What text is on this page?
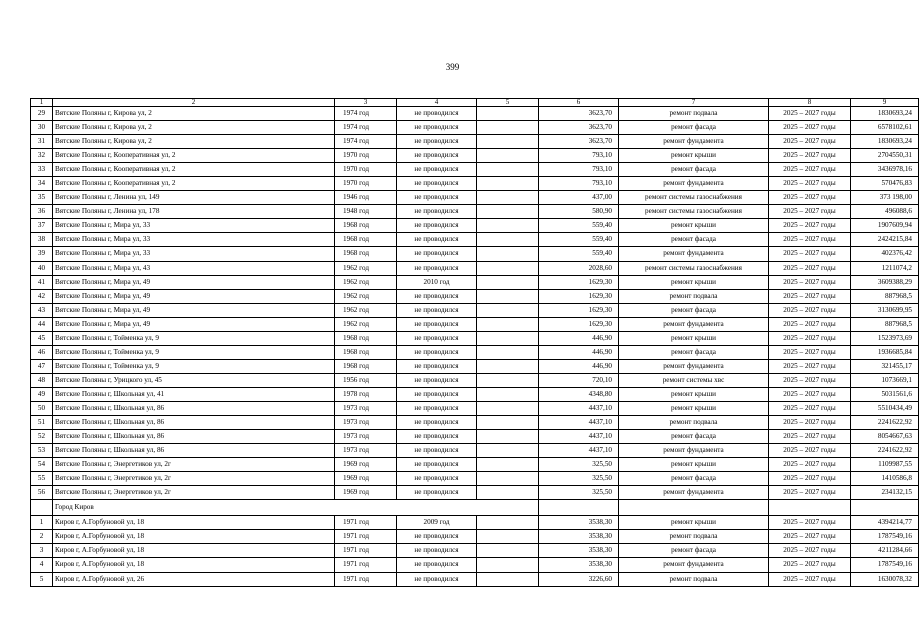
399
1	2	3	4	5	6	7	8	9
29	Вятские Поляны г, Кирова ул, 2	1974 год	не проводился		3623,70	ремонт подвала	2025 – 2027 годы	1830693,24
30	Вятские Поляны г, Кирова ул, 2	1974 год	не проводился		3623,70	ремонт фасада	2025 – 2027 годы	6578102,61
31	Вятские Поляны г, Кирова ул, 2	1974 год	не проводился		3623,70	ремонт фундамента	2025 – 2027 годы	1830693,24
32	Вятские Поляны г, Кооперативная ул, 2	1970 год	не проводился		793,10	ремонт крыши	2025 – 2027 годы	2704550,31
33	Вятские Поляны г, Кооперативная ул, 2	1970 год	не проводился		793,10	ремонт фасада	2025 – 2027 годы	3436978,16
34	Вятские Поляны г, Кооперативная ул, 2	1970 год	не проводился		793,10	ремонт фундамента	2025 – 2027 годы	570476,83
35	Вятские Поляны г, Ленина ул, 149	1946 год	не проводился		437,00	ремонт системы газоснабжения	2025 – 2027 годы	373 198,00
36	Вятские Поляны г, Ленина ул, 178	1948 год	не проводился		580,90	ремонт системы газоснабжения	2025 – 2027 годы	496088,6
37	Вятские Поляны г, Мира ул, 33	1968 год	не проводился		559,40	ремонт крыши	2025 – 2027 годы	1907609,94
38	Вятские Поляны г, Мира ул, 33	1968 год	не проводился		559,40	ремонт фасада	2025 – 2027 годы	2424215,84
39	Вятские Поляны г, Мира ул, 33	1968 год	не проводился		559,40	ремонт фундамента	2025 – 2027 годы	402376,42
40	Вятские Поляны г, Мира ул, 43	1962 год	не проводился		2028,60	ремонт системы газоснабжения	2025 – 2027 годы	1211074,2
41	Вятские Поляны г, Мира ул, 49	1962 год	2010 год		1629,30	ремонт крыши	2025 – 2027 годы	3609388,29
42	Вятские Поляны г, Мира ул, 49	1962 год	не проводился		1629,30	ремонт подвала	2025 – 2027 годы	887968,5
43	Вятские Поляны г, Мира ул, 49	1962 год	не проводился		1629,30	ремонт фасада	2025 – 2027 годы	3130699,95
44	Вятские Поляны г, Мира ул, 49	1962 год	не проводился		1629,30	ремонт фундамента	2025 – 2027 годы	887968,5
45	Вятские Поляны г, Тойменка ул, 9	1968 год	не проводился		446,90	ремонт крыши	2025 – 2027 годы	1523973,69
46	Вятские Поляны г, Тойменка ул, 9	1968 год	не проводился		446,90	ремонт фасада	2025 – 2027 годы	1936685,84
47	Вятские Поляны г, Тойменка ул, 9	1968 год	не проводился		446,90	ремонт фундамента	2025 – 2027 годы	321455,17
48	Вятские Поляны г, Урицкого ул, 45	1956 год	не проводился		720,10	ремонт системы хвс	2025 – 2027 годы	1073669,1
49	Вятские Поляны г, Школьная ул, 41	1978 год	не проводился		4348,80	ремонт крыши	2025 – 2027 годы	5031561,6
50	Вятские Поляны г, Школьная ул, 86	1973 год	не проводился		4437,10	ремонт крыши	2025 – 2027 годы	5510434,49
51	Вятские Поляны г, Школьная ул, 86	1973 год	не проводился		4437,10	ремонт подвала	2025 – 2027 годы	2241622,92
52	Вятские Поляны г, Школьная ул, 86	1973 год	не проводился		4437,10	ремонт фасада	2025 – 2027 годы	8054667,63
53	Вятские Поляны г, Школьная ул, 86	1973 год	не проводился		4437,10	ремонт фундамента	2025 – 2027 годы	2241622,92
54	Вятские Поляны г, Энергетиков ул, 2г	1969 год	не проводился		325,50	ремонт крыши	2025 – 2027 годы	1109987,55
55	Вятские Поляны г, Энергетиков ул, 2г	1969 год	не проводился		325,50	ремонт фасада	2025 – 2027 годы	1410586,8
56	Вятские Поляны г, Энергетиков ул, 2г	1969 год	не проводился		325,50	ремонт фундамента	2025 – 2027 годы	234132,15
	Город Киров							
1	Киров г, А.Горбуновой ул, 18	1971 год	2009 год		3538,30	ремонт крыши	2025 – 2027 годы	4394214,77
2	Киров г, А.Горбуновой ул, 18	1971 год	не проводился		3538,30	ремонт подвала	2025 – 2027 годы	1787549,16
3	Киров г, А.Горбуновой ул, 18	1971 год	не проводился		3538,30	ремонт фасада	2025 – 2027 годы	4211284,66
4	Киров г, А.Горбуновой ул, 18	1971 год	не проводился		3538,30	ремонт фундамента	2025 – 2027 годы	1787549,16
5	Киров г, А.Горбуновой ул, 26	1971 год	не проводился		3226,60	ремонт подвала	2025 – 2027 годы	1630078,32
